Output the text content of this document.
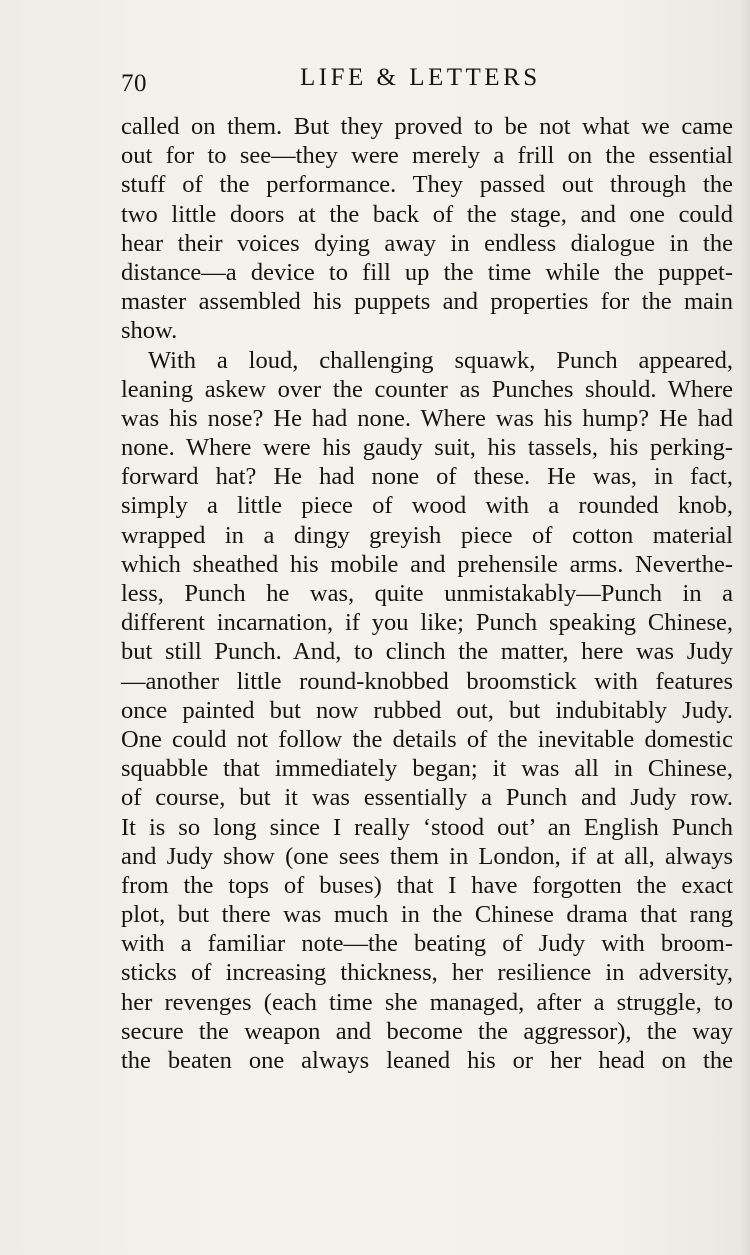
70	LIFE & LETTERS
called on them. But they proved to be not what we came
out for to see—they were merely a frill on the essential
stuff of the performance. They passed out through the
two little doors at the back of the stage, and one could
hear their voices dying away in endless dialogue in the
distance—a device to fill up the time while the puppet-
master assembled his puppets and properties for the main
show.
With a loud, challenging squawk, Punch appeared,
leaning askew over the counter as Punches should. Where
was his nose? He had none. Where was his hump? He had
none. Where were his gaudy suit, his tassels, his perking-
forward hat? He had none of these. He was, in fact,
simply a little piece of wood with a rounded knob,
wrapped in a dingy greyish piece of cotton material
which sheathed his mobile and prehensile arms. Neverthe-
less, Punch he was, quite unmistakably—Punch in a
different incarnation, if you like; Punch speaking Chinese,
but still Punch. And, to clinch the matter, here was Judy
—another little round-knobbed broomstick with features
once painted but now rubbed out, but indubitably Judy.
One could not follow the details of the inevitable domestic
squabble that immediately began; it was all in Chinese,
of course, but it was essentially a Punch and Judy row.
It is so long since I really ‘stood out’ an English Punch
and Judy show (one sees them in London, if at all, always
from the tops of buses) that I have forgotten the exact
plot, but there was much in the Chinese drama that rang
with a familiar note—the beating of Judy with broom-
sticks of increasing thickness, her resilience in adversity,
her revenges (each time she managed, after a struggle, to
secure the weapon and become the aggressor), the way
the beaten one always leaned his or her head on the
